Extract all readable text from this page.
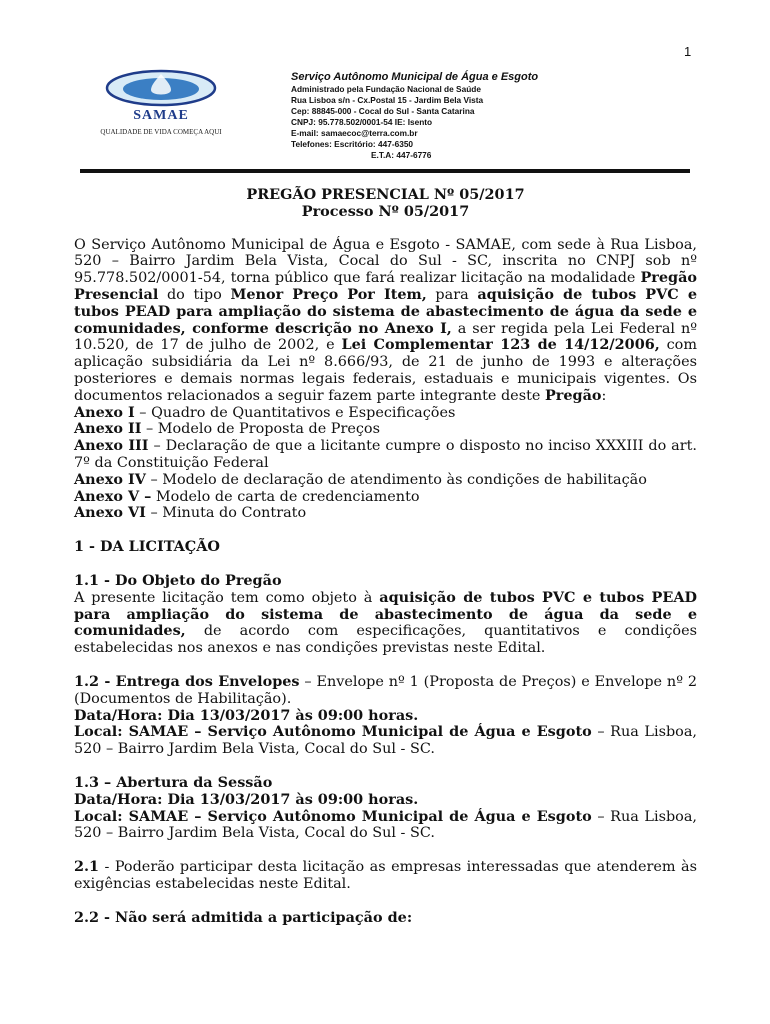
1
SAMAE
QUALIDADE DE VIDA COMEÇA AQUI
Serviço Autônomo Municipal de Água e Esgoto
Administrado pela Fundação Nacional de Saúde
Rua Lisboa s/n - Cx.Postal 15 - Jardim Bela Vista
Cep: 88845-000 - Cocal do Sul - Santa Catarina
CNPJ: 95.778.502/0001-54 IE: Isento
E-mail: samaecoc@terra.com.br
Telefones: Escritório: 447-6350
E.T.A: 447-6776

PREGÃO PRESENCIAL Nº 05/2017

Processo Nº 05/2017

O Serviço Autônomo Municipal de Água e Esgoto - SAMAE, com sede à Rua Lisboa, 520 – Bairro Jardim Bela Vista, Cocal do Sul - SC, inscrita no CNPJ sob nº 95.778.502/0001-54, torna público que fará realizar licitação na modalidade Pregão Presencial do tipo Menor Preço Por Item, para aquisição de tubos PVC e tubos PEAD para ampliação do sistema de abastecimento de água da sede e comunidades, conforme descrição no Anexo I, a ser regida pela Lei Federal nº 10.520, de 17 de julho de 2002, e Lei Complementar 123 de 14/12/2006, com aplicação subsidiária da Lei nº 8.666/93, de 21 de junho de 1993 e alterações posteriores e demais normas legais federais, estaduais e municipais vigentes. Os documentos relacionados a seguir fazem parte integrante deste Pregão:

Anexo I – Quadro de Quantitativos e Especificações

Anexo II – Modelo de Proposta de Preços

Anexo III – Declaração de que a licitante cumpre o disposto no inciso XXXIII do art. 7º da Constituição Federal

Anexo IV – Modelo de declaração de atendimento às condições de habilitação

Anexo V – Modelo de carta de credenciamento

Anexo VI – Minuta do Contrato

1 - DA LICITAÇÃO

1.1 - Do Objeto do Pregão

A presente licitação tem como objeto à aquisição de tubos PVC e tubos PEAD para ampliação do sistema de abastecimento de água da sede e comunidades, de acordo com especificações, quantitativos e condições estabelecidas nos anexos e nas condições previstas neste Edital.

1.2 - Entrega dos Envelopes – Envelope nº 1 (Proposta de Preços) e Envelope nº 2 (Documentos de Habilitação).

Data/Hora: Dia 13/03/2017 às 09:00 horas.

Local: SAMAE – Serviço Autônomo Municipal de Água e Esgoto – Rua Lisboa, 520 – Bairro Jardim Bela Vista, Cocal do Sul - SC.

1.3 – Abertura da Sessão

Data/Hora: Dia 13/03/2017 às 09:00 horas.

Local: SAMAE – Serviço Autônomo Municipal de Água e Esgoto – Rua Lisboa, 520 – Bairro Jardim Bela Vista, Cocal do Sul - SC.

2.1 - Poderão participar desta licitação as empresas interessadas que atenderem às exigências estabelecidas neste Edital.

2.2 - Não será admitida a participação de:
